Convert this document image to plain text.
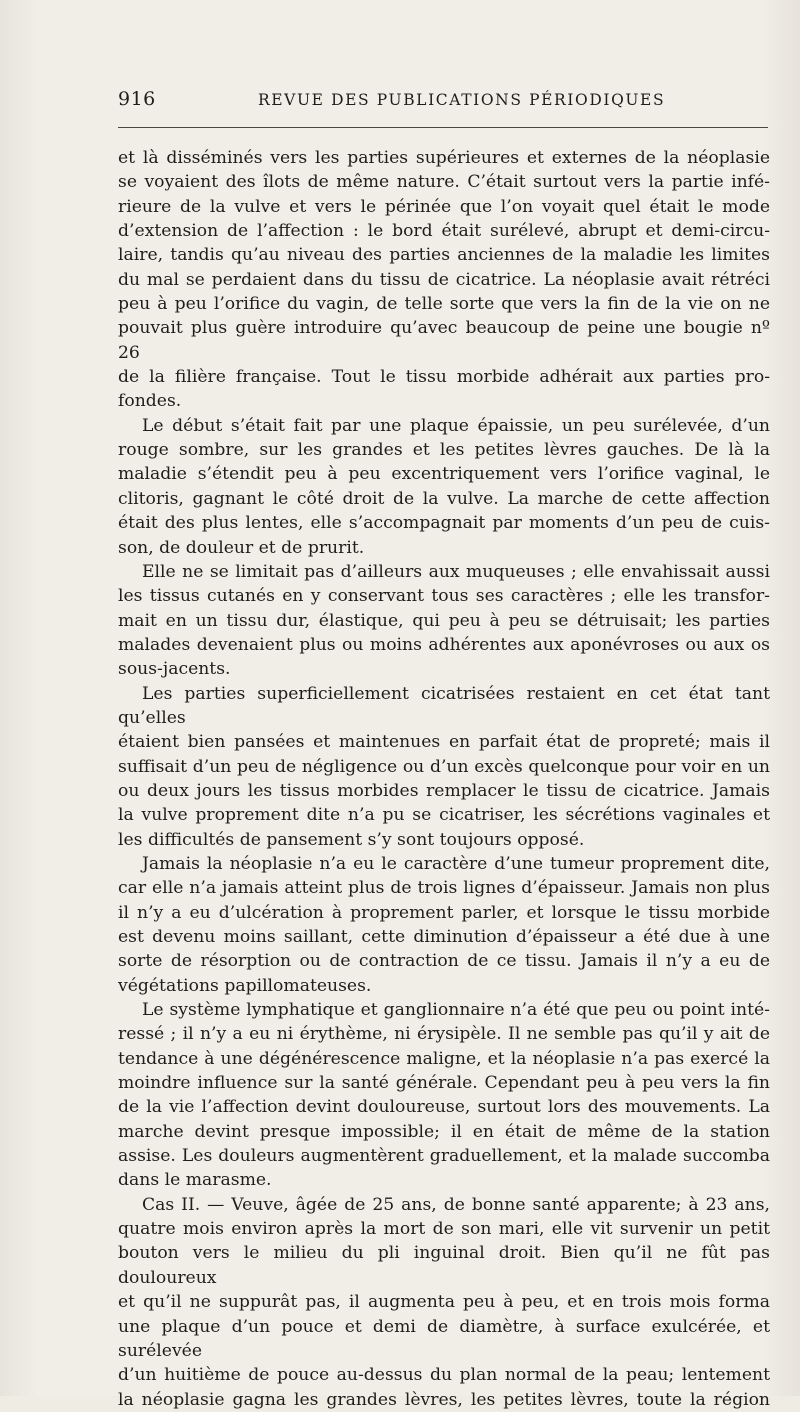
916	REVUE DES PUBLICATIONS PÉRIODIQUES

et là disséminés vers les parties supérieures et externes de la néoplasie

se voyaient des îlots de même nature. C’était surtout vers la partie infé-

rieure de la vulve et vers le périnée que l’on voyait quel était le mode

d’extension de l’affection : le bord était surélevé, abrupt et demi-circu-

laire, tandis qu’au niveau des parties anciennes de la maladie les limites

du mal se perdaient dans du tissu de cicatrice. La néoplasie avait rétréci

peu à peu l’orifice du vagin, de telle sorte que vers la fin de la vie on ne

pouvait plus guère introduire qu’avec beaucoup de peine une bougie nº 26

de la filière française. Tout le tissu morbide adhérait aux parties pro-

fondes.

Le début s’était fait par une plaque épaissie, un peu surélevée, d’un

rouge sombre, sur les grandes et les petites lèvres gauches. De là la

maladie s’étendit peu à peu excentriquement vers l’orifice vaginal, le

clitoris, gagnant le côté droit de la vulve. La marche de cette affection

était des plus lentes, elle s’accompagnait par moments d’un peu de cuis-

son, de douleur et de prurit.

Elle ne se limitait pas d’ailleurs aux muqueuses ; elle envahissait aussi

les tissus cutanés en y conservant tous ses caractères ; elle les transfor-

mait en un tissu dur, élastique, qui peu à peu se détruisait; les parties

malades devenaient plus ou moins adhérentes aux aponévroses ou aux os

sous-jacents.

Les parties superficiellement cicatrisées restaient en cet état tant qu’elles

étaient bien pansées et maintenues en parfait état de propreté; mais il

suffisait d’un peu de négligence ou d’un excès quelconque pour voir en un

ou deux jours les tissus morbides remplacer le tissu de cicatrice. Jamais

la vulve proprement dite n’a pu se cicatriser, les sécrétions vaginales et

les difficultés de pansement s’y sont toujours opposé.

Jamais la néoplasie n’a eu le caractère d’une tumeur proprement dite,

car elle n’a jamais atteint plus de trois lignes d’épaisseur. Jamais non plus

il n’y a eu d’ulcération à proprement parler, et lorsque le tissu morbide

est devenu moins saillant, cette diminution d’épaisseur a été due à une

sorte de résorption ou de contraction de ce tissu. Jamais il n’y a eu de

végétations papillomateuses.

Le système lymphatique et ganglionnaire n’a été que peu ou point inté-

ressé ; il n’y a eu ni érythème, ni érysipèle. Il ne semble pas qu’il y ait de

tendance à une dégénérescence maligne, et la néoplasie n’a pas exercé la

moindre influence sur la santé générale. Cependant peu à peu vers la fin

de la vie l’affection devint douloureuse, surtout lors des mouvements. La

marche devint presque impossible; il en était de même de la station

assise. Les douleurs augmentèrent graduellement, et la malade succomba

dans le marasme.

Cas II. — Veuve, âgée de 25 ans, de bonne santé apparente; à 23 ans,

quatre mois environ après la mort de son mari, elle vit survenir un petit

bouton vers le milieu du pli inguinal droit. Bien qu’il ne fût pas douloureux

et qu’il ne suppurât pas, il augmenta peu à peu, et en trois mois forma

une plaque d’un pouce et demi de diamètre, à surface exulcérée, et surélevée

d’un huitième de pouce au-dessus du plan normal de la peau; lentement

la néoplasie gagna les grandes lèvres, les petites lèvres, toute la région
